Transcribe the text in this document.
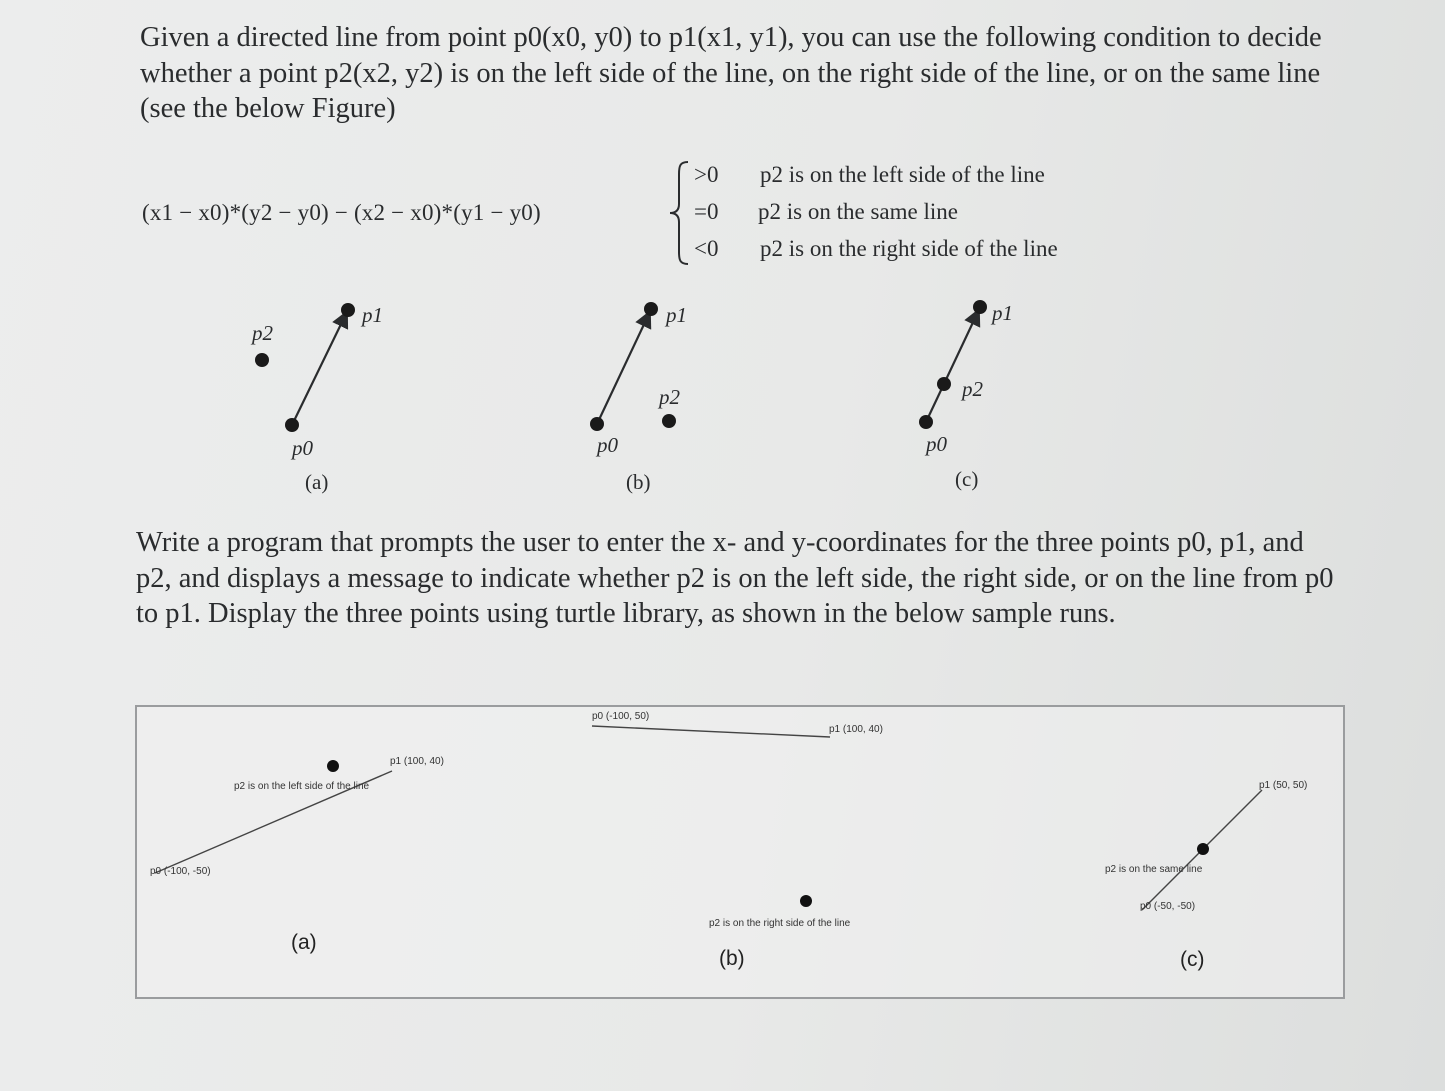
Given a directed line from point p0(x0, y0) to p1(x1, y1), you can use the following condition to decide whether a point p2(x2, y2) is on the left side of the line, on the right side of the line, or on the same line (see the below Figure)

(x1 − x0)*(y2 − y0) − (x2 − x0)*(y1 − y0)
>0
=0
<0
p2 is on the left side of the line
p2 is on the same line
p2 is on the right side of the line
p1
p2
p0
(a)
p1
p2
p0
(b)
p1
p2
p0
(c)

Write a program that prompts the user to enter the x- and y-coordinates for the three points p0, p1, and p2, and displays a message to indicate whether p2 is on the left side, the right side, or on the line from p0 to p1. Display the three points using turtle library, as shown in the below sample runs.

p1 (100, 40)
p2 is on the left side of the line
p0 (-100, -50)
(a)
p0 (-100, 50)
p1 (100, 40)
p2 is on the right side of the line
(b)
p1 (50, 50)
p2 is on the same line
p0 (-50, -50)
(c)
